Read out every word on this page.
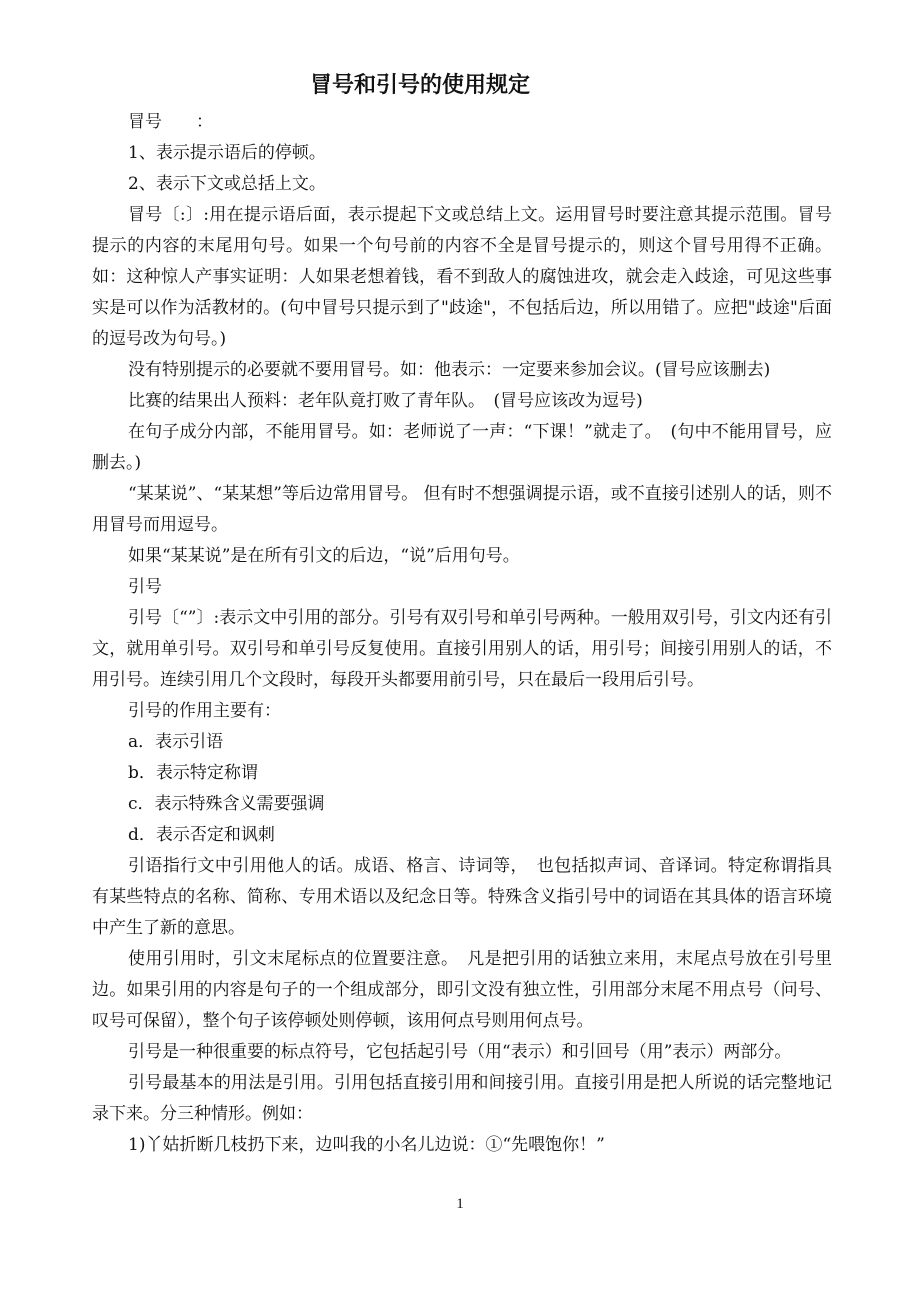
冒号和引号的使用规定

冒号　　：

1、表示提示语后的停顿。

2、表示下文或总括上文。

冒号〔:〕:用在提示语后面，表示提起下文或总结上文。运用冒号时要注意其提示范围。冒号提示的内容的末尾用句号。如果一个句号前的内容不全是冒号提示的，则这个冒号用得不正确。如：这种惊人产事实证明：人如果老想着钱，看不到敌人的腐蚀进攻，就会走入歧途，可见这些事实是可以作为活教材的。(句中冒号只提示到了"歧途"，不包括后边，所以用错了。应把"歧途"后面的逗号改为句号。)

没有特别提示的必要就不要用冒号。如：他表示：一定要来参加会议。(冒号应该删去)

比赛的结果出人预料：老年队竟打败了青年队。　(冒号应该改为逗号)

在句子成分内部，不能用冒号。如：老师说了一声：“下课！”就走了。　(句中不能用冒号，应删去。)

“某某说”、“某某想”等后边常用冒号。 但有时不想强调提示语，或不直接引述别人的话，则不用冒号而用逗号。

如果“某某说”是在所有引文的后边，“说”后用句号。

引号

引号〔“”〕:表示文中引用的部分。引号有双引号和单引号两种。一般用双引号，引文内还有引文，就用单引号。双引号和单引号反复使用。直接引用别人的话，用引号；间接引用别人的话，不用引号。连续引用几个文段时，每段开头都要用前引号，只在最后一段用后引号。

引号的作用主要有：

a．表示引语

b．表示特定称谓

c．表示特殊含义需要强调

d．表示否定和讽刺

引语指行文中引用他人的话。成语、格言、诗词等，　也包括拟声词、音译词。特定称谓指具有某些特点的名称、简称、专用术语以及纪念日等。特殊含义指引号中的词语在其具体的语言环境中产生了新的意思。

使用引用时，引文末尾标点的位置要注意。　凡是把引用的话独立来用，末尾点号放在引号里边。如果引用的内容是句子的一个组成部分，即引文没有独立性，引用部分末尾不用点号（问号、叹号可保留），整个句子该停顿处则停顿，该用何点号则用何点号。

引号是一种很重要的标点符号，它包括起引号（用“表示）和引回号（用”表示）两部分。

引号最基本的用法是引用。引用包括直接引用和间接引用。直接引用是把人所说的话完整地记录下来。分三种情形。例如：

1)丫姑折断几枝扔下来，边叫我的小名儿边说：①“先喂饱你！”

1
